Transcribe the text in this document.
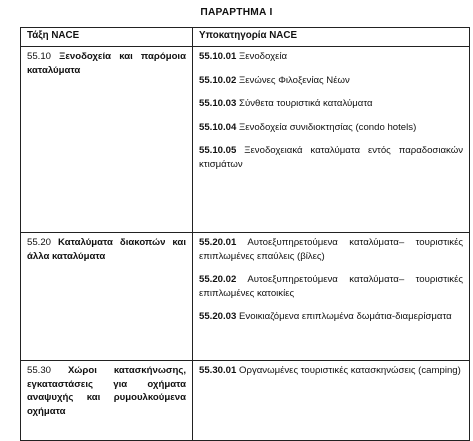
ΠΑΡΑΡΤΗΜΑ Ι
Τάξη NACE	Υποκατηγορία NACE

55.10 Ξενοδοχεία και παρόμοια καταλύματα	55.10.01 Ξενοδοχεία

55.10.02 Ξενώνες Φιλοξενίας Νέων

55.10.03 Σύνθετα τουριστικά καταλύματα

55.10.04 Ξενοδοχεία συνιδιοκτησίας (condo hotels)

55.10.05 Ξενοδοχειακά καταλύματα εντός παραδοσιακών κτισμάτων

55.20 Καταλύματα διακοπών και άλλα καταλύματα	55.20.01 Αυτοεξυπηρετούμενα καταλύματα– τουριστικές επιπλωμένες επαύλεις (βίλες)

55.20.02 Αυτοεξυπηρετούμενα καταλύματα– τουριστικές επιπλωμένες κατοικίες

55.20.03 Ενοικιαζόμενα επιπλωμένα δωμάτια-διαμερίσματα

55.30 Χώροι κατασκήνωσης, εγκαταστάσεις για οχήματα αναψυχής και ρυμουλκούμενα οχήματα	55.30.01 Οργανωμένες τουριστικές κατασκηνώσεις (camping)
